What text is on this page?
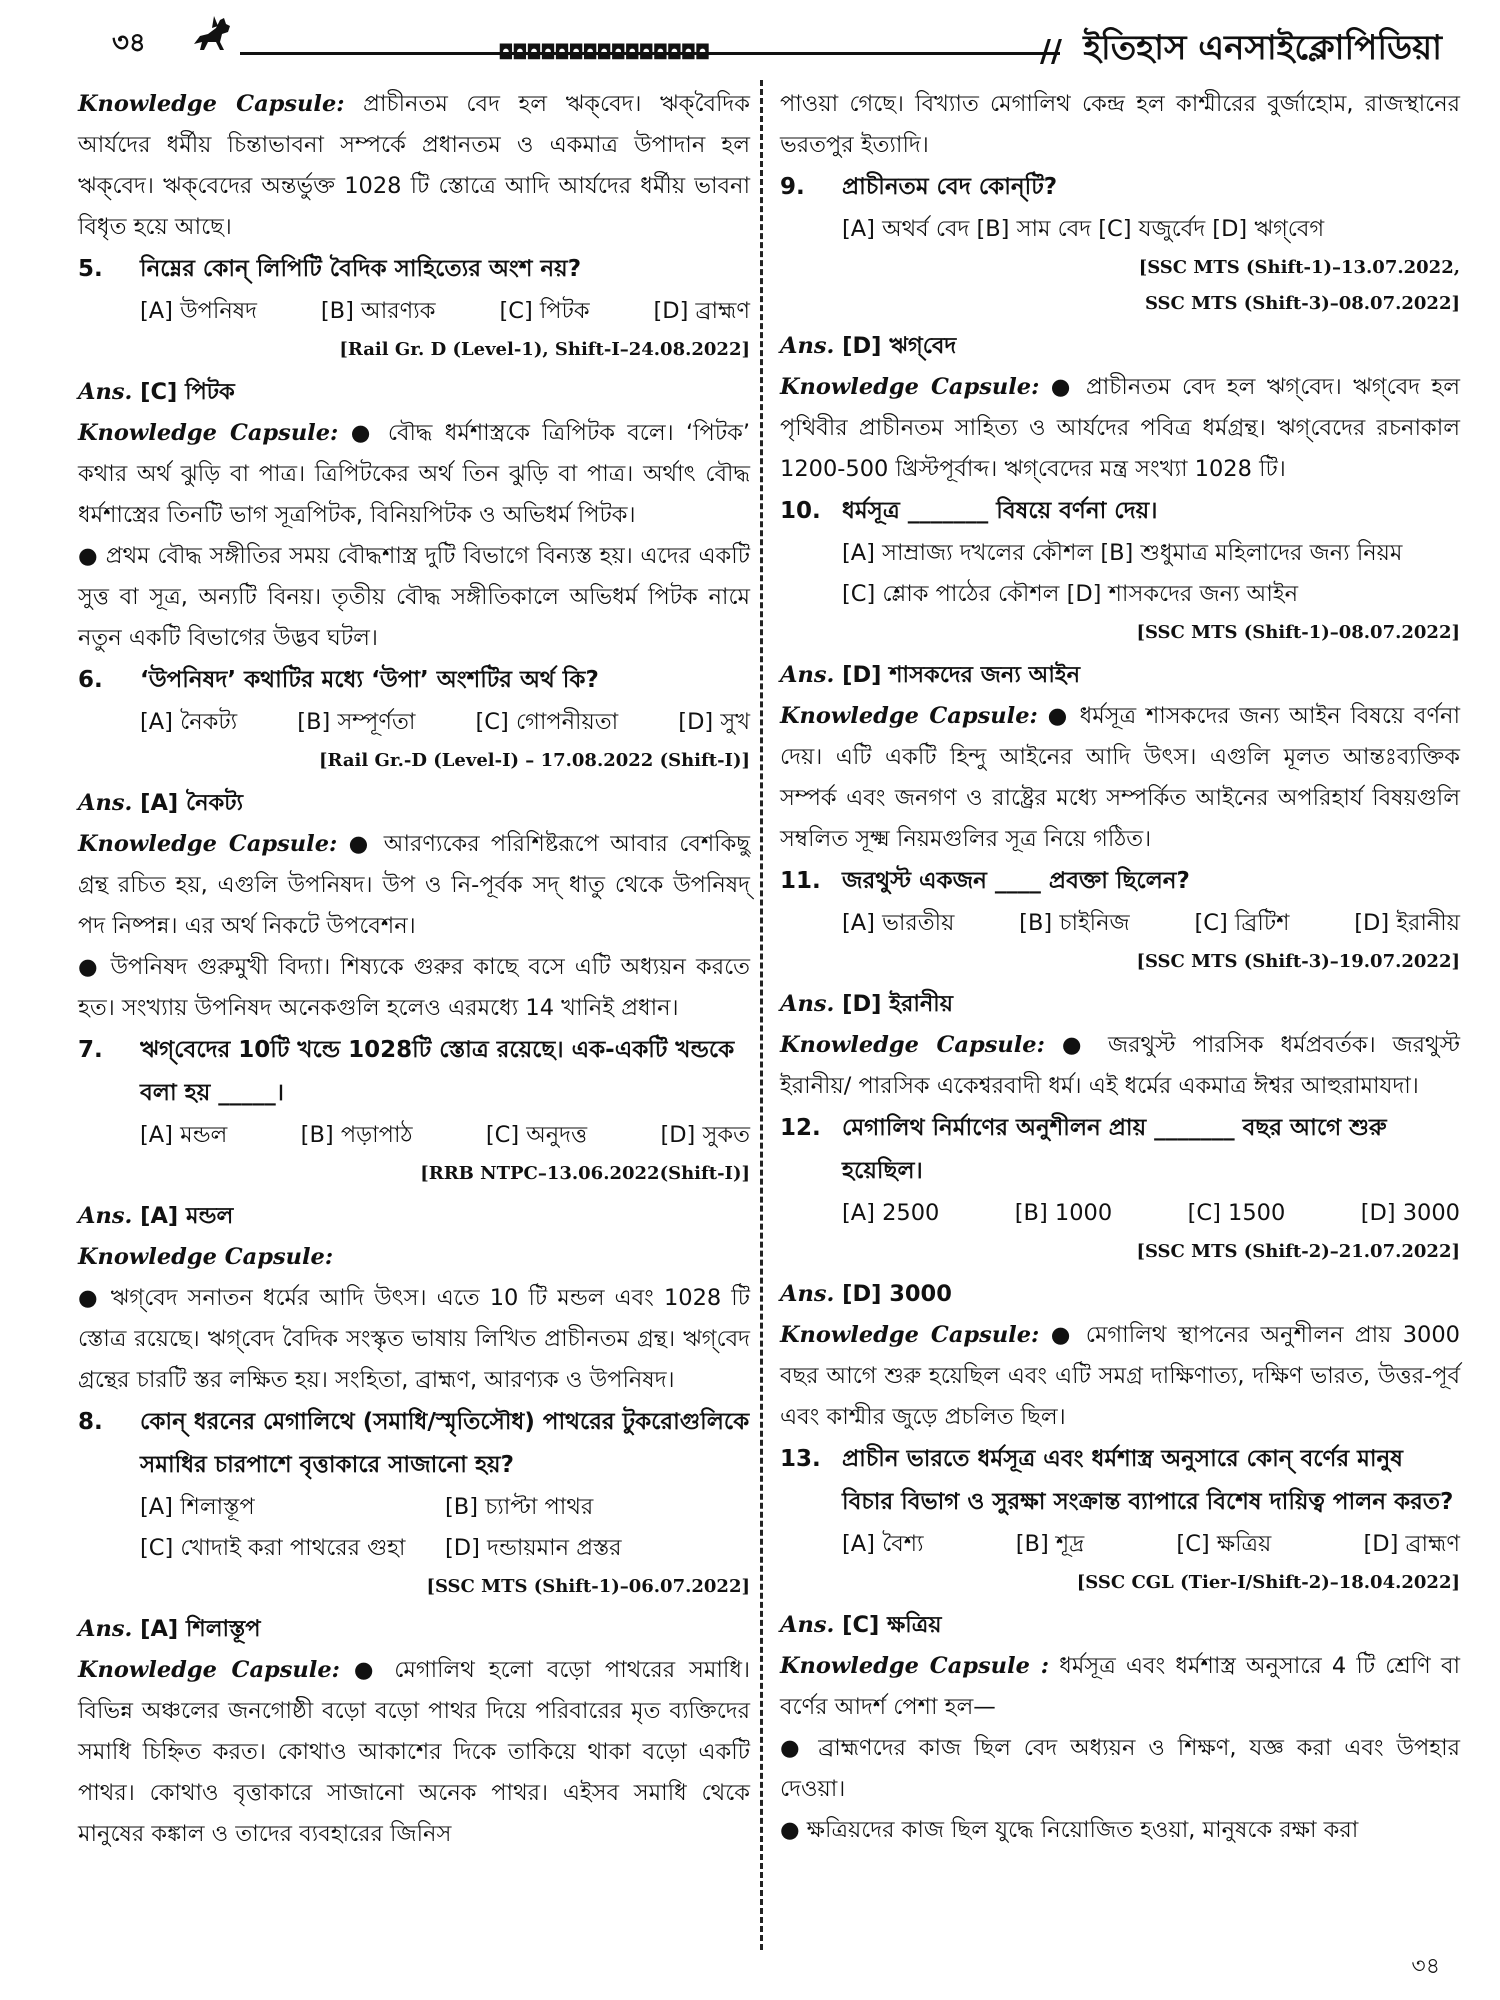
৩৪	◘◘◘◘◘◘◘◘◘◘◘◘◘◘◘	// ইতিহাস এনসাইক্লোপিডিয়া

Knowledge Capsule: প্রাচীনতম বেদ হল ঋক্‌বেদ। ঋক্‌বৈদিক আর্যদের ধর্মীয় চিন্তাভাবনা সম্পর্কে প্রধানতম ও একমাত্র উপাদান হল ঋক্‌বেদ। ঋক্‌বেদের অন্তর্ভুক্ত 1028 টি স্তোত্রে আদি আর্যদের ধর্মীয় ভাবনা বিধৃত হয়ে আছে।

5.	নিম্নের কোন্ লিপিটি বৈদিক সাহিত্যের অংশ নয়?
[A] উপনিষদ	[B] আরণ্যক	[C] পিটক	[D] ব্রাহ্মণ
[Rail Gr. D (Level-1), Shift-I–24.08.2022]
Ans. [C] পিটক

Knowledge Capsule: ● বৌদ্ধ ধর্মশাস্ত্রকে ত্রিপিটক বলে। ‘পিটক’ কথার অর্থ ঝুড়ি বা পাত্র। ত্রিপিটকের অর্থ তিন ঝুড়ি বা পাত্র। অর্থাৎ বৌদ্ধ ধর্মশাস্ত্রের তিনটি ভাগ সূত্রপিটক, বিনিয়পিটক ও অভিধর্ম পিটক।

● প্রথম বৌদ্ধ সঙ্গীতির সময় বৌদ্ধশাস্ত্র দুটি বিভাগে বিন্যস্ত হয়। এদের একটি সুত্ত বা সূত্র, অন্যটি বিনয়। তৃতীয় বৌদ্ধ সঙ্গীতিকালে অভিধর্ম পিটক নামে নতুন একটি বিভাগের উদ্ভব ঘটল।

6.	‘উপনিষদ’ কথাটির মধ্যে ‘উপা’ অংশটির অর্থ কি?
[A] নৈকট্য	[B] সম্পূর্ণতা	[C] গোপনীয়তা	[D] সুখ
[Rail Gr.-D (Level-I) – 17.08.2022 (Shift-I)]
Ans. [A] নৈকট্য

Knowledge Capsule: ● আরণ্যকের পরিশিষ্টরূপে আবার বেশকিছু গ্রন্থ রচিত হয়, এগুলি উপনিষদ। উপ ও নি-পূর্বক সদ্ ধাতু থেকে উপনিষদ্ পদ নিষ্পন্ন। এর অর্থ নিকটে উপবেশন।

● উপনিষদ গুরুমুখী বিদ্যা। শিষ্যকে গুরুর কাছে বসে এটি অধ্যয়ন করতে হত। সংখ্যায় উপনিষদ অনেকগুলি হলেও এরমধ্যে 14 খানিই প্রধান।

7.	ঋগ্‌বেদের 10টি খন্ডে 1028টি স্তোত্র রয়েছে। এক-একটি খন্ডকে বলা হয় _____।
[A] মন্ডল	[B] পড়াপাঠ	[C] অনুদত্ত	[D] সুকত
[RRB NTPC–13.06.2022(Shift-I)]
Ans. [A] মন্ডল
Knowledge Capsule:

● ঋগ্‌বেদ সনাতন ধর্মের আদি উৎস। এতে 10 টি মন্ডল এবং 1028 টি স্তোত্র রয়েছে। ঋগ্‌বেদ বৈদিক সংস্কৃত ভাষায় লিখিত প্রাচীনতম গ্রন্থ। ঋগ্‌বেদ গ্রন্থের চারটি স্তর লক্ষিত হয়। সংহিতা, ব্রাহ্মণ, আরণ্যক ও উপনিষদ।

8.	কোন্ ধরনের মেগালিথে (সমাধি/স্মৃতিসৌধ) পাথরের টুকরোগুলিকে সমাধির চারপাশে বৃত্তাকারে সাজানো হয়?
[A] শিলাস্তূপ	[B] চ্যাপ্টা পাথর
[C] খোদাই করা পাথরের গুহা	[D] দন্ডায়মান প্রস্তর
[SSC MTS (Shift-1)–06.07.2022]
Ans. [A] শিলাস্তূপ

Knowledge Capsule: ● মেগালিথ হলো বড়ো পাথরের সমাধি। বিভিন্ন অঞ্চলের জনগোষ্ঠী বড়ো বড়ো পাথর দিয়ে পরিবারের মৃত ব্যক্তিদের সমাধি চিহ্নিত করত। কোথাও আকাশের দিকে তাকিয়ে থাকা বড়ো একটি পাথর। কোথাও বৃত্তাকারে সাজানো অনেক পাথর। এইসব সমাধি থেকে মানুষের কঙ্কাল ও তাদের ব্যবহারের জিনিস

পাওয়া গেছে। বিখ্যাত মেগালিথ কেন্দ্র হল কাশ্মীরের বুর্জাহোম, রাজস্থানের ভরতপুর ইত্যাদি।

9.	প্রাচীনতম বেদ কোন্‌টি?
[A] অথর্ব বেদ [B] সাম বেদ [C] যজুর্বেদ [D] ঋগ্‌বেগ
[SSC MTS (Shift-1)–13.07.2022,
SSC MTS (Shift-3)–08.07.2022]
Ans. [D] ঋগ্‌বেদ

Knowledge Capsule: ● প্রাচীনতম বেদ হল ঋগ্‌বেদ। ঋগ্‌বেদ হল পৃথিবীর প্রাচীনতম সাহিত্য ও আর্যদের পবিত্র ধর্মগ্রন্থ। ঋগ্‌বেদের রচনাকাল 1200-500 খ্রিস্টপূর্বাব্দ। ঋগ্‌বেদের মন্ত্র সংখ্যা 1028 টি।

10. ধর্মসূত্র _______ বিষয়ে বর্ণনা দেয়।
[A] সাম্রাজ্য দখলের কৌশল [B] শুধুমাত্র মহিলাদের জন্য নিয়ম
[C] শ্লোক পাঠের কৌশল [D] শাসকদের জন্য আইন
[SSC MTS (Shift-1)–08.07.2022]
Ans. [D] শাসকদের জন্য আইন

Knowledge Capsule: ● ধর্মসূত্র শাসকদের জন্য আইন বিষয়ে বর্ণনা দেয়। এটি একটি হিন্দু আইনের আদি উৎস। এগুলি মূলত আন্তঃব্যক্তিক সম্পর্ক এবং জনগণ ও রাষ্ট্রের মধ্যে সম্পর্কিত আইনের অপরিহার্য বিষয়গুলি সম্বলিত সূক্ষ্ম নিয়মগুলির সূত্র নিয়ে গঠিত।

11. জরথুস্ট একজন ____ প্রবক্তা ছিলেন?
[A] ভারতীয়	[B] চাইনিজ	[C] ব্রিটিশ	[D] ইরানীয়
[SSC MTS (Shift-3)–19.07.2022]
Ans. [D] ইরানীয়

Knowledge Capsule: ● জরথুস্ট পারসিক ধর্মপ্রবর্তক। জরথুস্ট ইরানীয়/ পারসিক একেশ্বরবাদী ধর্ম। এই ধর্মের একমাত্র ঈশ্বর আহুরামাযদা।

12. মেগালিথ নির্মাণের অনুশীলন প্রায় _______ বছর আগে শুরু হয়েছিল।
[A] 2500	[B] 1000	[C] 1500	[D] 3000
[SSC MTS (Shift-2)–21.07.2022]
Ans. [D] 3000

Knowledge Capsule: ● মেগালিথ স্থাপনের অনুশীলন প্রায় 3000 বছর আগে শুরু হয়েছিল এবং এটি সমগ্র দাক্ষিণাত্য, দক্ষিণ ভারত, উত্তর-পূর্ব এবং কাশ্মীর জুড়ে প্রচলিত ছিল।

13. প্রাচীন ভারতে ধর্মসূত্র এবং ধর্মশাস্ত্র অনুসারে কোন্ বর্ণের মানুষ বিচার বিভাগ ও সুরক্ষা সংক্রান্ত ব্যাপারে বিশেষ দায়িত্ব পালন করত?
[A] বৈশ্য	[B] শূদ্র	[C] ক্ষত্রিয়	[D] ব্রাহ্মণ
[SSC CGL (Tier-I/Shift-2)–18.04.2022]
Ans. [C] ক্ষত্রিয়

Knowledge Capsule : ধর্মসূত্র এবং ধর্মশাস্ত্র অনুসারে 4 টি শ্রেণি বা বর্ণের আদর্শ পেশা হল—

● ব্রাহ্মণদের কাজ ছিল বেদ অধ্যয়ন ও শিক্ষণ, যজ্ঞ করা এবং উপহার দেওয়া।

● ক্ষত্রিয়দের কাজ ছিল যুদ্ধে নিয়োজিত হওয়া, মানুষকে রক্ষা করা

৩৪
